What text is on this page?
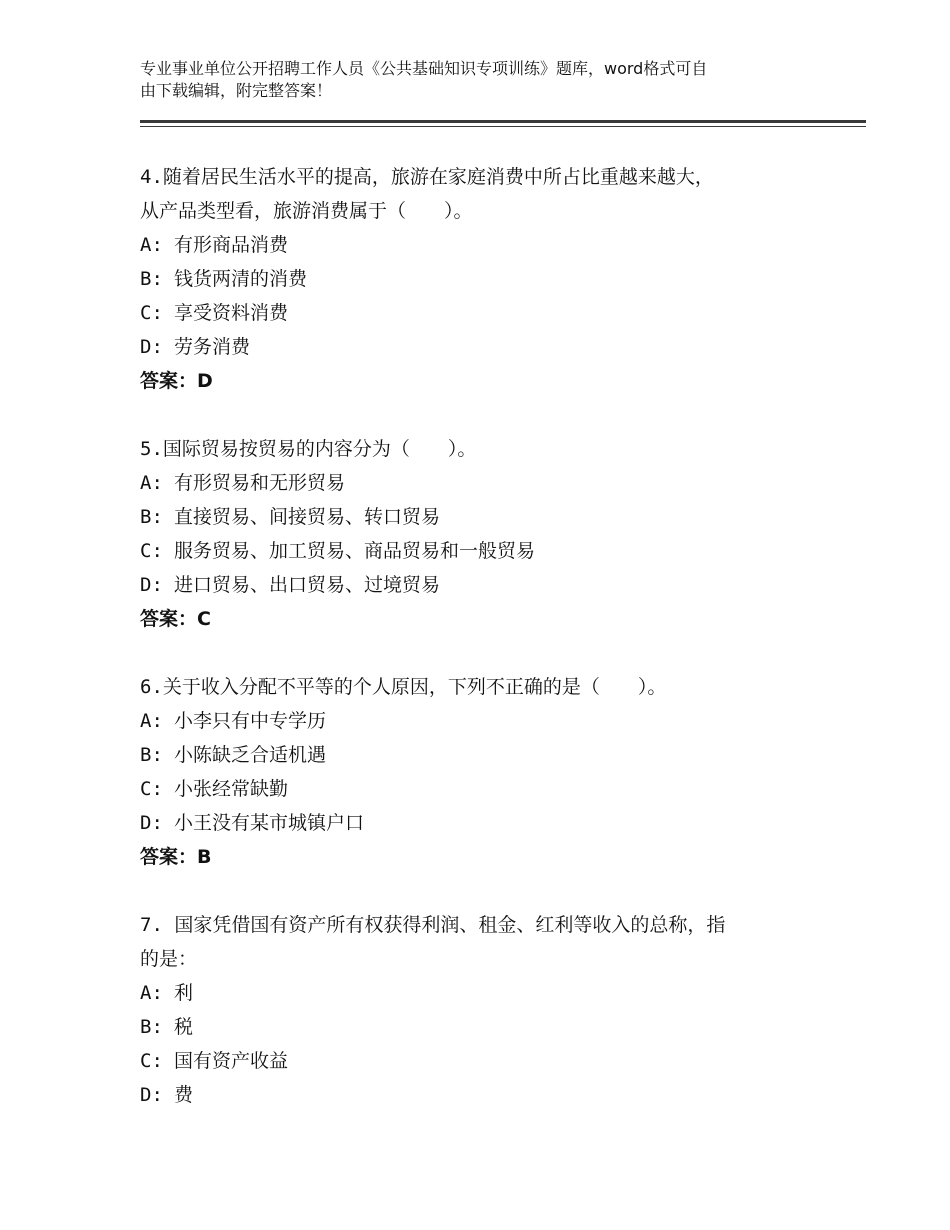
专业事业单位公开招聘工作人员《公共基础知识专项训练》题库，word格式可自
由下载编辑，附完整答案！
4.随着居民生活水平的提高，旅游在家庭消费中所占比重越来越大，
从产品类型看，旅游消费属于（　　）。
A: 有形商品消费
B: 钱货两清的消费
C: 享受资料消费
D: 劳务消费
答案：D
5.国际贸易按贸易的内容分为（　　）。
A: 有形贸易和无形贸易
B: 直接贸易、间接贸易、转口贸易
C: 服务贸易、加工贸易、商品贸易和一般贸易
D: 进口贸易、出口贸易、过境贸易
答案：C
6.关于收入分配不平等的个人原因，下列不正确的是（　　）。
A: 小李只有中专学历
B: 小陈缺乏合适机遇
C: 小张经常缺勤
D: 小王没有某市城镇户口
答案：B
7. 国家凭借国有资产所有权获得利润、租金、红利等收入的总称，指
的是：
A: 利
B: 税
C: 国有资产收益
D: 费
